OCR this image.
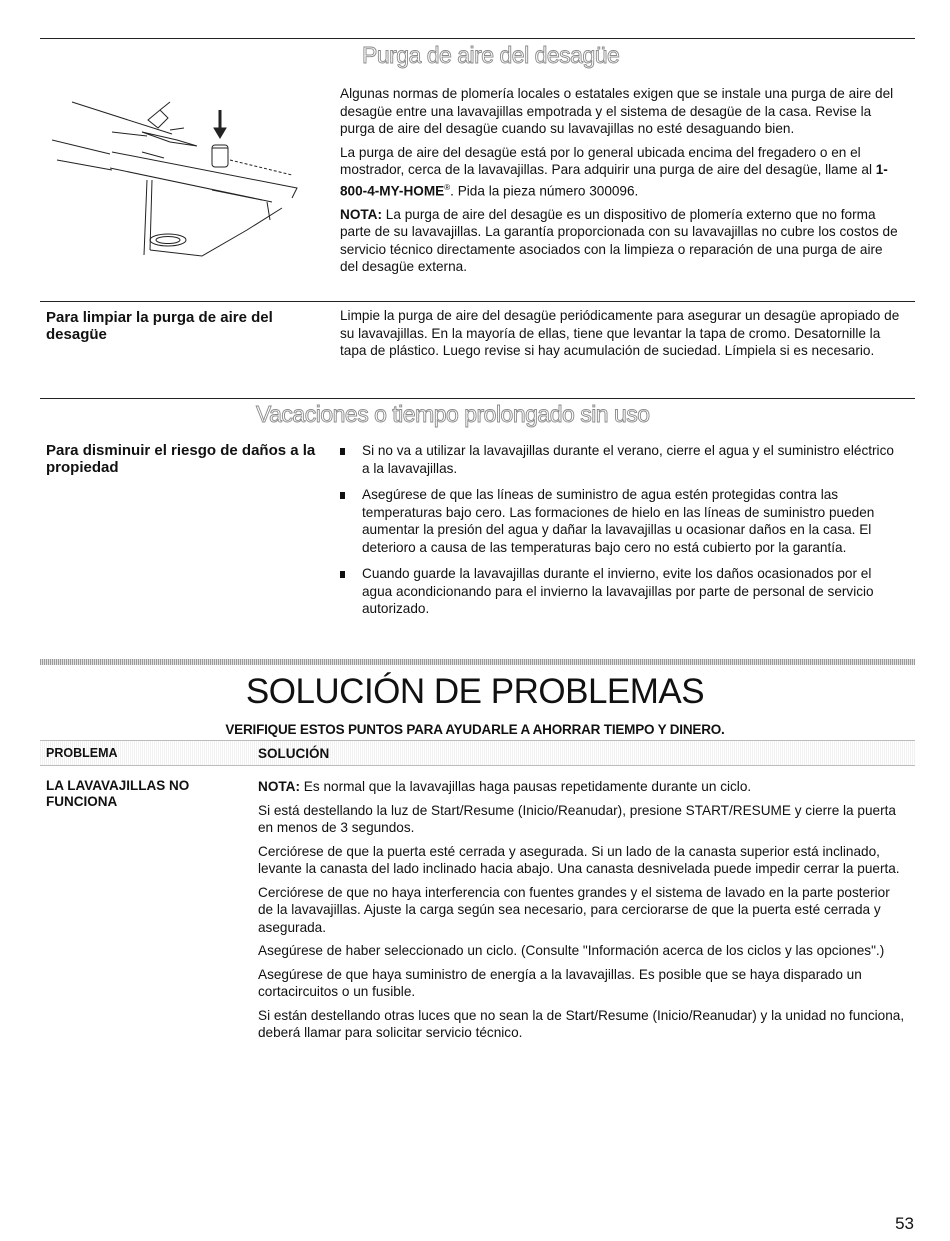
Purga de aire del desagüe

Algunas normas de plomería locales o estatales exigen que se instale una purga de aire del desagüe entre una lavavajillas empotrada y el sistema de desagüe de la casa. Revise la purga de aire del desagüe cuando su lavavajillas no esté desaguando bien.

La purga de aire del desagüe está por lo general ubicada encima del fregadero o en el mostrador, cerca de la lavavajillas. Para adquirir una purga de aire del desagüe, llame al 1-800-4-MY-HOME®. Pida la pieza número 300096.

NOTA: La purga de aire del desagüe es un dispositivo de plomería externo que no forma parte de su lavavajillas. La garantía proporcionada con su lavavajillas no cubre los costos de servicio técnico directamente asociados con la limpieza o reparación de una purga de aire del desagüe externa.

Para limpiar la purga de aire del desagüe

Limpie la purga de aire del desagüe periódicamente para asegurar un desagüe apropiado de su lavavajillas. En la mayoría de ellas, tiene que levantar la tapa de cromo. Desatornille la tapa de plástico. Luego revise si hay acumulación de suciedad. Límpiela si es necesario.

Vacaciones o tiempo prolongado sin uso
Para disminuir el riesgo de daños a la propiedad
Si no va a utilizar la lavavajillas durante el verano, cierre el agua y el suministro eléctrico a la lavavajillas.
Asegúrese de que las líneas de suministro de agua estén protegidas contra las temperaturas bajo cero. Las formaciones de hielo en las líneas de suministro pueden aumentar la presión del agua y dañar la lavavajillas u ocasionar daños en la casa. El deterioro a causa de las temperaturas bajo cero no está cubierto por la garantía.
Cuando guarde la lavavajillas durante el invierno, evite los daños ocasionados por el agua acondicionando para el invierno la lavavajillas por parte de personal de servicio autorizado.
SOLUCIÓN DE PROBLEMAS
VERIFIQUE ESTOS PUNTOS PARA AYUDARLE A AHORRAR TIEMPO Y DINERO.
PROBLEMA	SOLUCIÓN
LA LAVAVAJILLAS NO FUNCIONA

NOTA: Es normal que la lavavajillas haga pausas repetidamente durante un ciclo.

Si está destellando la luz de Start/Resume (Inicio/Reanudar), presione START/RESUME y cierre la puerta en menos de 3 segundos.

Cerciórese de que la puerta esté cerrada y asegurada. Si un lado de la canasta superior está inclinado, levante la canasta del lado inclinado hacia abajo. Una canasta desnivelada puede impedir cerrar la puerta.

Cerciórese de que no haya interferencia con fuentes grandes y el sistema de lavado en la parte posterior de la lavavajillas. Ajuste la carga según sea necesario, para cerciorarse de que la puerta esté cerrada y asegurada.

Asegúrese de haber seleccionado un ciclo. (Consulte "Información acerca de los ciclos y las opciones".)

Asegúrese de que haya suministro de energía a la lavavajillas. Es posible que se haya disparado un cortacircuitos o un fusible.

Si están destellando otras luces que no sean la de Start/Resume (Inicio/Reanudar) y la unidad no funciona, deberá llamar para solicitar servicio técnico.

53
